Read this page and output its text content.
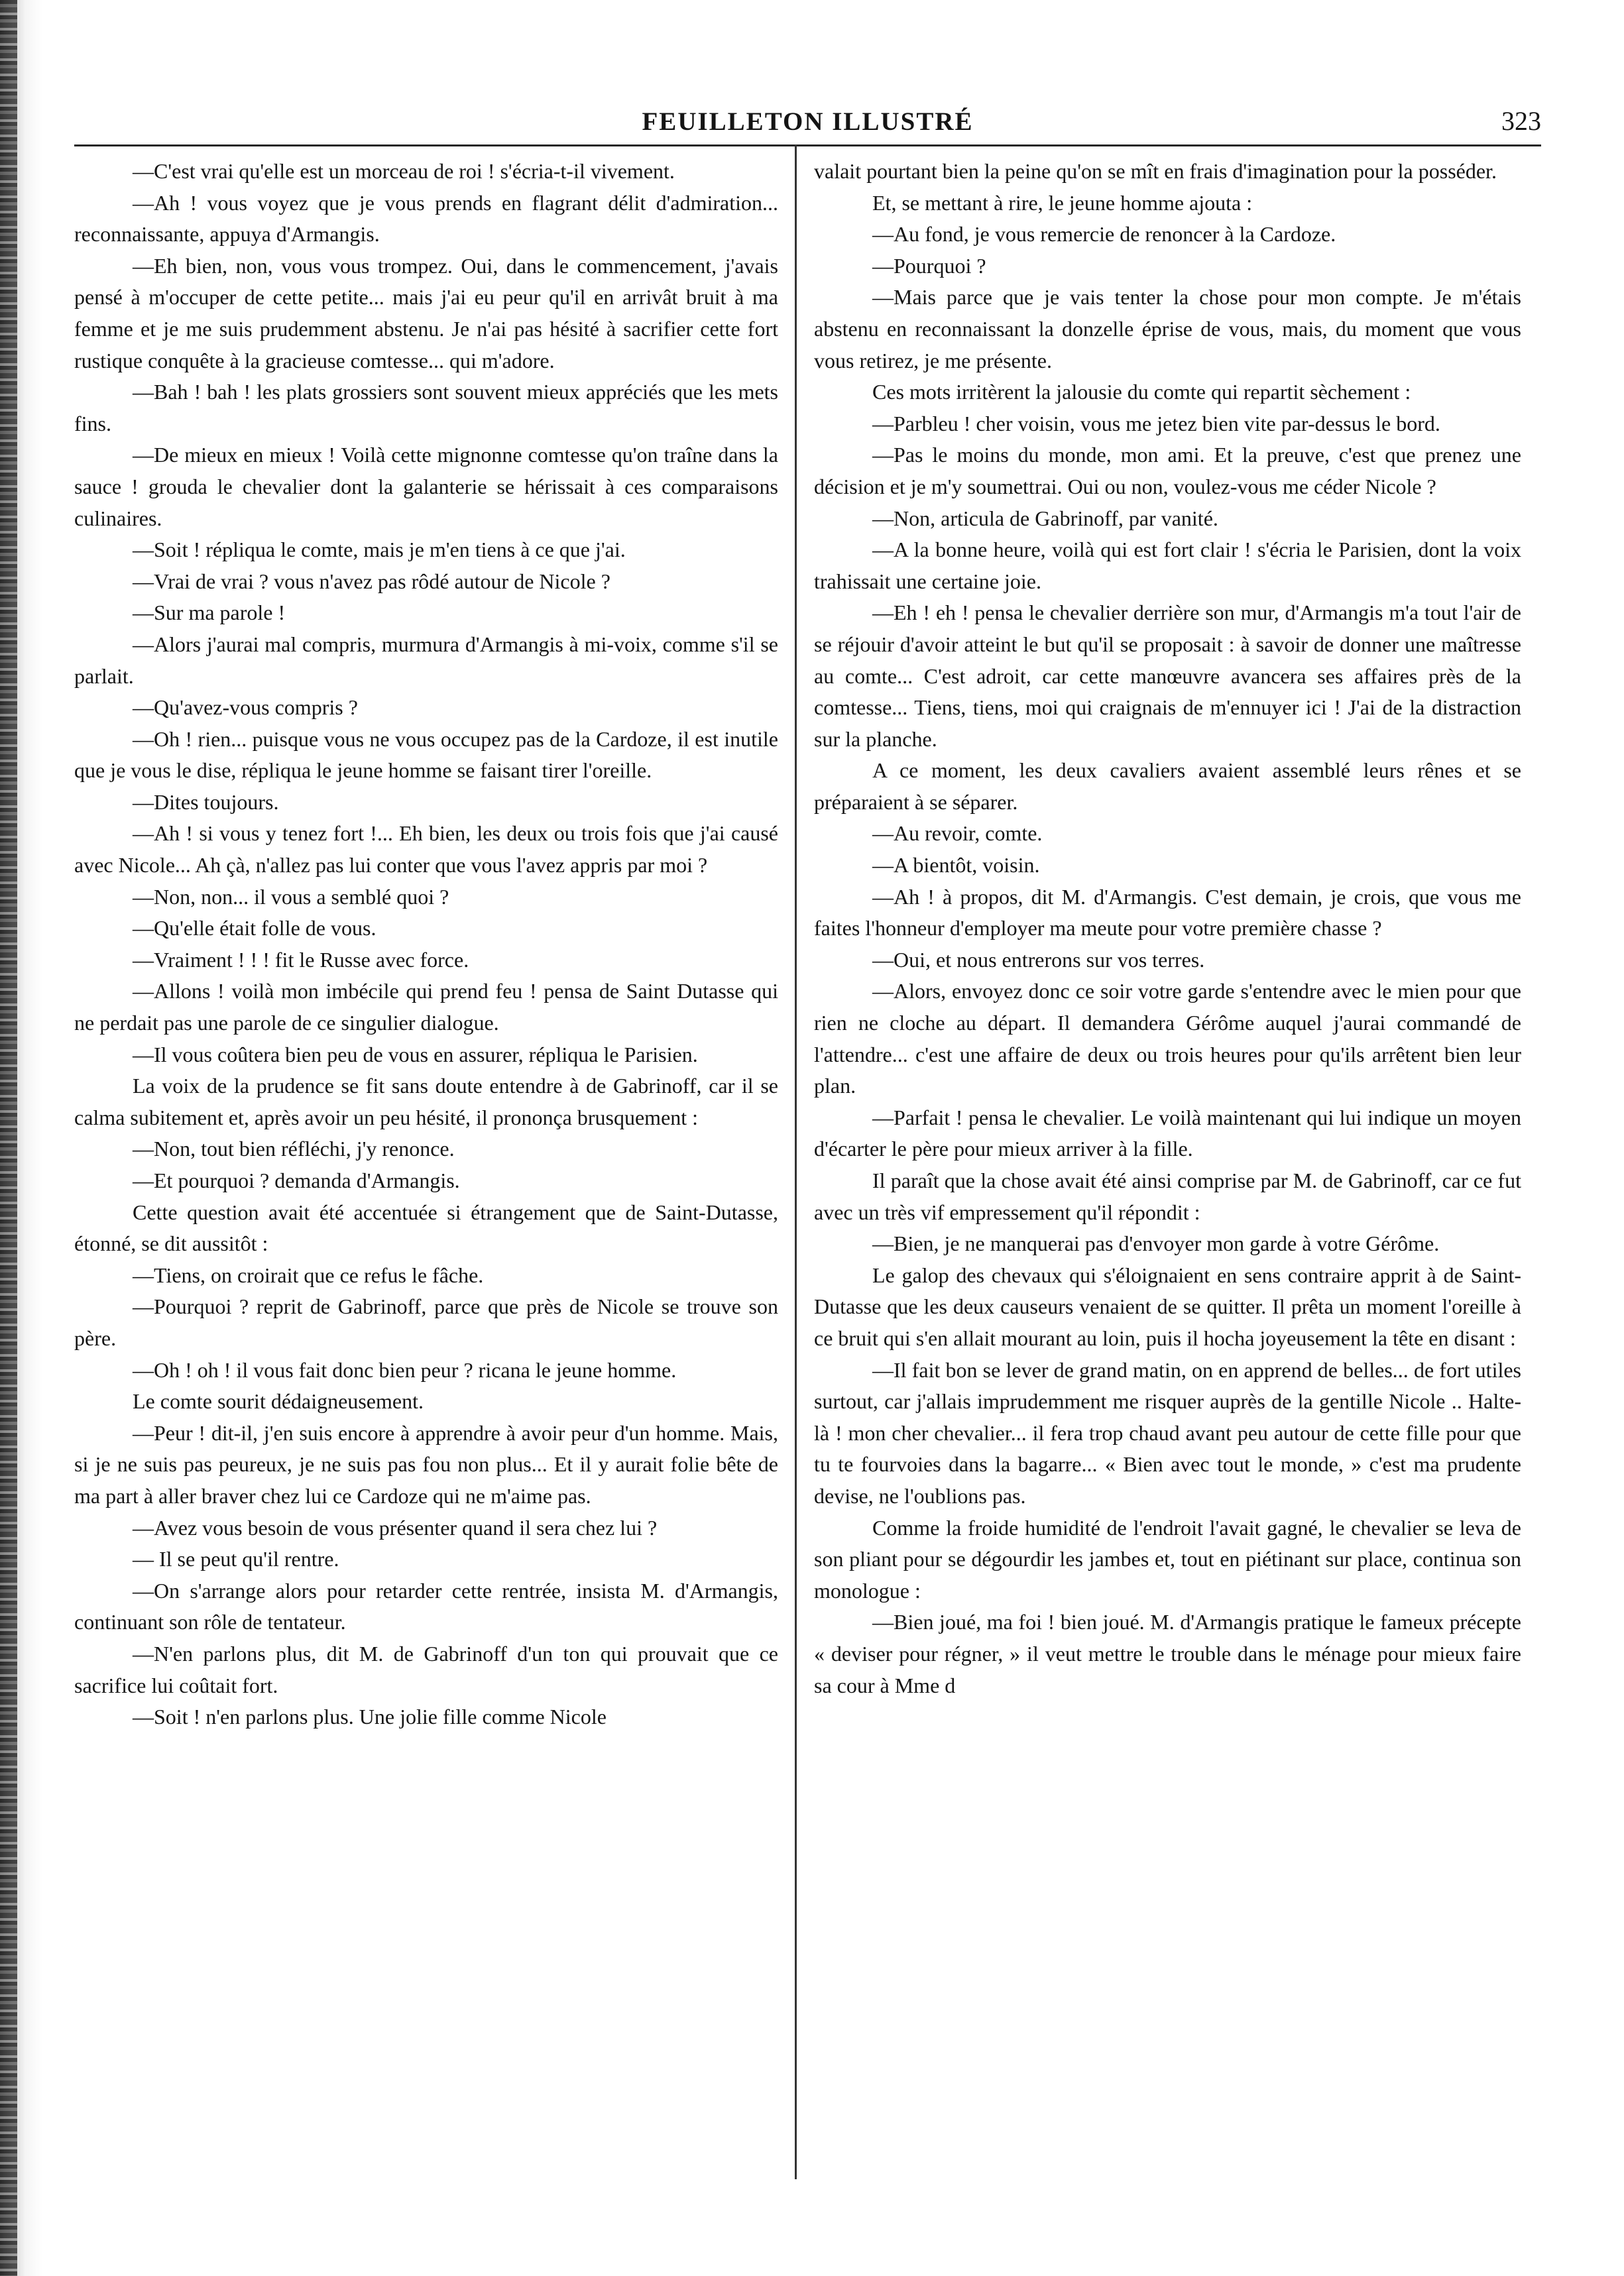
FEUILLETON ILLUSTRÉ	323

—C'est vrai qu'elle est un morceau de roi ! s'écria-t-il vivement.

—Ah ! vous voyez que je vous prends en flagrant délit d'admiration... reconnaissante, appuya d'Armangis.

—Eh bien, non, vous vous trompez. Oui, dans le commencement, j'avais pensé à m'occuper de cette petite... mais j'ai eu peur qu'il en arrivât bruit à ma femme et je me suis prudemment abstenu. Je n'ai pas hésité à sacrifier cette fort rustique conquête à la gracieuse comtesse... qui m'adore.

—Bah ! bah ! les plats grossiers sont souvent mieux appréciés que les mets fins.

—De mieux en mieux ! Voilà cette mignonne comtesse qu'on traîne dans la sauce ! grouda le chevalier dont la galanterie se hérissait à ces comparaisons culinaires.

—Soit ! répliqua le comte, mais je m'en tiens à ce que j'ai.

—Vrai de vrai ? vous n'avez pas rôdé autour de Nicole ?

—Sur ma parole !

—Alors j'aurai mal compris, murmura d'Armangis à mi-voix, comme s'il se parlait.

—Qu'avez-vous compris ?

—Oh ! rien... puisque vous ne vous occupez pas de la Cardoze, il est inutile que je vous le dise, répliqua le jeune homme se faisant tirer l'oreille.

—Dites toujours.

—Ah ! si vous y tenez fort !... Eh bien, les deux ou trois fois que j'ai causé avec Nicole... Ah çà, n'allez pas lui conter que vous l'avez appris par moi ?

—Non, non... il vous a semblé quoi ?

—Qu'elle était folle de vous.

—Vraiment ! ! ! fit le Russe avec force.

—Allons ! voilà mon imbécile qui prend feu ! pensa de Saint Dutasse qui ne perdait pas une parole de ce singulier dialogue.

—Il vous coûtera bien peu de vous en assurer, répliqua le Parisien.

La voix de la prudence se fit sans doute entendre à de Gabrinoff, car il se calma subitement et, après avoir un peu hésité, il prononça brusquement :

—Non, tout bien réfléchi, j'y renonce.

—Et pourquoi ? demanda d'Armangis.

Cette question avait été accentuée si étrangement que de Saint-Dutasse, étonné, se dit aussitôt :

—Tiens, on croirait que ce refus le fâche.

—Pourquoi ? reprit de Gabrinoff, parce que près de Nicole se trouve son père.

—Oh ! oh ! il vous fait donc bien peur ? ricana le jeune homme.

Le comte sourit dédaigneusement.

—Peur ! dit-il, j'en suis encore à apprendre à avoir peur d'un homme. Mais, si je ne suis pas peureux, je ne suis pas fou non plus... Et il y aurait folie bête de ma part à aller braver chez lui ce Cardoze qui ne m'aime pas.

—Avez vous besoin de vous présenter quand il sera chez lui ?

— Il se peut qu'il rentre.

—On s'arrange alors pour retarder cette rentrée, insista M. d'Armangis, continuant son rôle de tentateur.

—N'en parlons plus, dit M. de Gabrinoff d'un ton qui prouvait que ce sacrifice lui coûtait fort.

—Soit ! n'en parlons plus. Une jolie fille comme Nicole

valait pourtant bien la peine qu'on se mît en frais d'imagination pour la posséder.

Et, se mettant à rire, le jeune homme ajouta :

—Au fond, je vous remercie de renoncer à la Cardoze.

—Pourquoi ?

—Mais parce que je vais tenter la chose pour mon compte. Je m'étais abstenu en reconnaissant la donzelle éprise de vous, mais, du moment que vous vous retirez, je me présente.

Ces mots irritèrent la jalousie du comte qui repartit sèchement :

—Parbleu ! cher voisin, vous me jetez bien vite par-dessus le bord.

—Pas le moins du monde, mon ami. Et la preuve, c'est que prenez une décision et je m'y soumettrai. Oui ou non, voulez-vous me céder Nicole ?

—Non, articula de Gabrinoff, par vanité.

—A la bonne heure, voilà qui est fort clair ! s'écria le Parisien, dont la voix trahissait une certaine joie.

—Eh ! eh ! pensa le chevalier derrière son mur, d'Armangis m'a tout l'air de se réjouir d'avoir atteint le but qu'il se proposait : à savoir de donner une maîtresse au comte... C'est adroit, car cette manœuvre avancera ses affaires près de la comtesse... Tiens, tiens, moi qui craignais de m'ennuyer ici ! J'ai de la distraction sur la planche.

A ce moment, les deux cavaliers avaient assemblé leurs rênes et se préparaient à se séparer.

—Au revoir, comte.

—A bientôt, voisin.

—Ah ! à propos, dit M. d'Armangis. C'est demain, je crois, que vous me faites l'honneur d'employer ma meute pour votre première chasse ?

—Oui, et nous entrerons sur vos terres.

—Alors, envoyez donc ce soir votre garde s'entendre avec le mien pour que rien ne cloche au départ. Il demandera Gérôme auquel j'aurai commandé de l'attendre... c'est une affaire de deux ou trois heures pour qu'ils arrêtent bien leur plan.

—Parfait ! pensa le chevalier. Le voilà maintenant qui lui indique un moyen d'écarter le père pour mieux arriver à la fille.

Il paraît que la chose avait été ainsi comprise par M. de Gabrinoff, car ce fut avec un très vif empressement qu'il répondit :

—Bien, je ne manquerai pas d'envoyer mon garde à votre Gérôme.

Le galop des chevaux qui s'éloignaient en sens contraire apprit à de Saint-Dutasse que les deux causeurs venaient de se quitter. Il prêta un moment l'oreille à ce bruit qui s'en allait mourant au loin, puis il hocha joyeusement la tête en disant :

—Il fait bon se lever de grand matin, on en apprend de belles... de fort utiles surtout, car j'allais imprudemment me risquer auprès de la gentille Nicole .. Halte-là ! mon cher chevalier... il fera trop chaud avant peu autour de cette fille pour que tu te fourvoies dans la bagarre... « Bien avec tout le monde, » c'est ma prudente devise, ne l'oublions pas.

Comme la froide humidité de l'endroit l'avait gagné, le chevalier se leva de son pliant pour se dégourdir les jambes et, tout en piétinant sur place, continua son monologue :

—Bien joué, ma foi ! bien joué. M. d'Armangis pratique le fameux précepte « deviser pour régner, » il veut mettre le trouble dans le ménage pour mieux faire sa cour à Mme d
